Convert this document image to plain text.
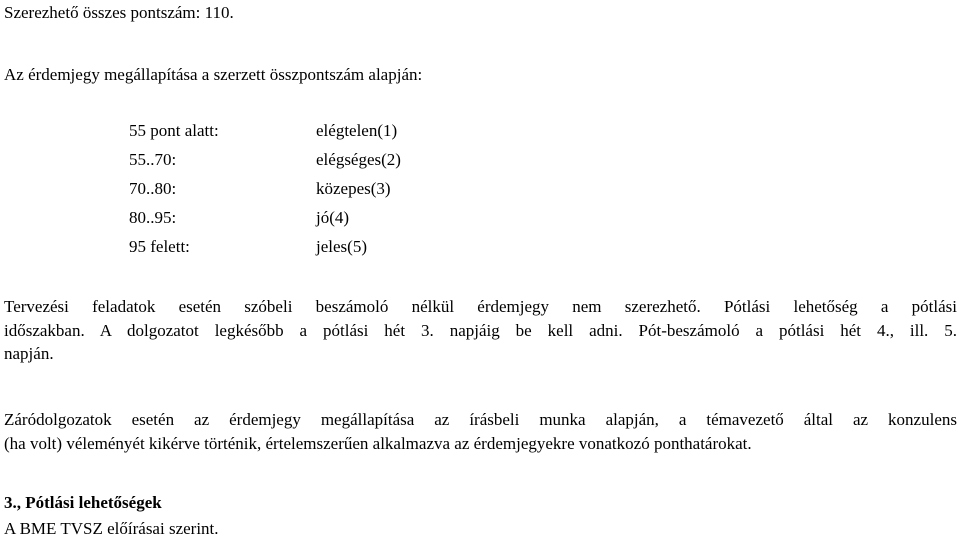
Szerezhető összes pontszám: 110.
Az érdemjegy megállapítása a szerzett összpontszám alapján:
55 pont alatt:	elégtelen(1)
55..70:	elégséges(2)
70..80:	közepes(3)
80..95:	jó(4)
95 felett:	jeles(5)
Tervezési feladatok esetén szóbeli beszámoló nélkül érdemjegy nem szerezhető. Pótlási lehetőség a pótlási
időszakban. A dolgozatot legkésőbb a pótlási hét 3. napjáig be kell adni. Pót-beszámoló a pótlási hét 4., ill. 5.
napján.
Záródolgozatok esetén az érdemjegy megállapítása az írásbeli munka alapján, a témavezető által az konzulens
(ha volt) véleményét kikérve történik, értelemszerűen alkalmazva az érdemjegyekre vonatkozó ponthatárokat.
3., Pótlási lehetőségek
A BME TVSZ előírásai szerint.
